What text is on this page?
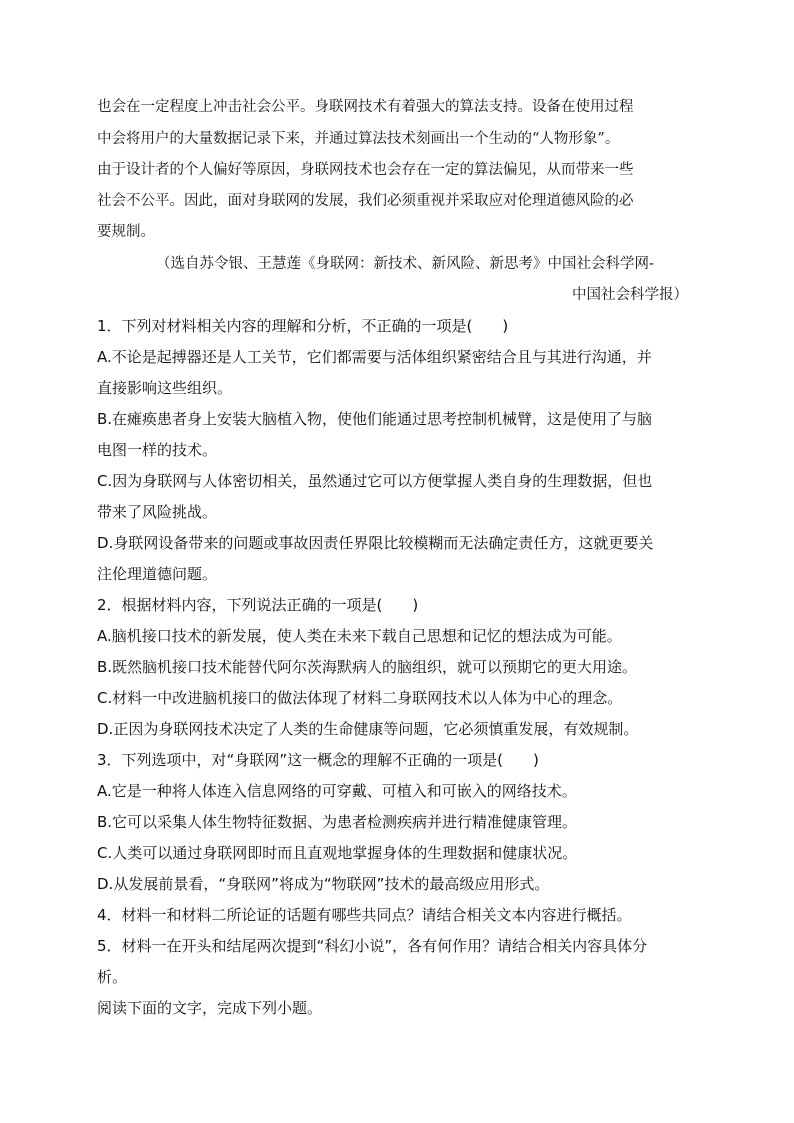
也会在一定程度上冲击社会公平。身联网技术有着强大的算法支持。设备在使用过程
中会将用户的大量数据记录下来，并通过算法技术刻画出一个生动的“人物形象”。
由于设计者的个人偏好等原因，身联网技术也会存在一定的算法偏见，从而带来一些
社会不公平。因此，面对身联网的发展，我们必须重视并采取应对伦理道德风险的必
要规制。
（选自苏令银、王慧莲《身联网：新技术、新风险、新思考》中国社会科学网-
中国社会科学报）
1．下列对材料相关内容的理解和分析，不正确的一项是(　　)
A.不论是起搏器还是人工关节，它们都需要与活体组织紧密结合且与其进行沟通，并
直接影响这些组织。
B.在瘫痪患者身上安装大脑植入物，使他们能通过思考控制机械臂，这是使用了与脑
电图一样的技术。
C.因为身联网与人体密切相关，虽然通过它可以方便掌握人类自身的生理数据，但也
带来了风险挑战。
D.身联网设备带来的问题或事故因责任界限比较模糊而无法确定责任方，这就更要关
注伦理道德问题。
2．根据材料内容，下列说法正确的一项是(　　)
A.脑机接口技术的新发展，使人类在未来下载自己思想和记忆的想法成为可能。
B.既然脑机接口技术能替代阿尔茨海默病人的脑组织，就可以预期它的更大用途。
C.材料一中改进脑机接口的做法体现了材料二身联网技术以人体为中心的理念。
D.正因为身联网技术决定了人类的生命健康等问题，它必须慎重发展，有效规制。
3．下列选项中，对“身联网”这一概念的理解不正确的一项是(　　)
A.它是一种将人体连入信息网络的可穿戴、可植入和可嵌入的网络技术。
B.它可以采集人体生物特征数据、为患者检测疾病并进行精准健康管理。
C.人类可以通过身联网即时而且直观地掌握身体的生理数据和健康状况。
D.从发展前景看，“身联网”将成为“物联网”技术的最高级应用形式。
4．材料一和材料二所论证的话题有哪些共同点？请结合相关文本内容进行概括。
5．材料一在开头和结尾两次提到“科幻小说”，各有何作用？请结合相关内容具体分
析。
阅读下面的文字，完成下列小题。
